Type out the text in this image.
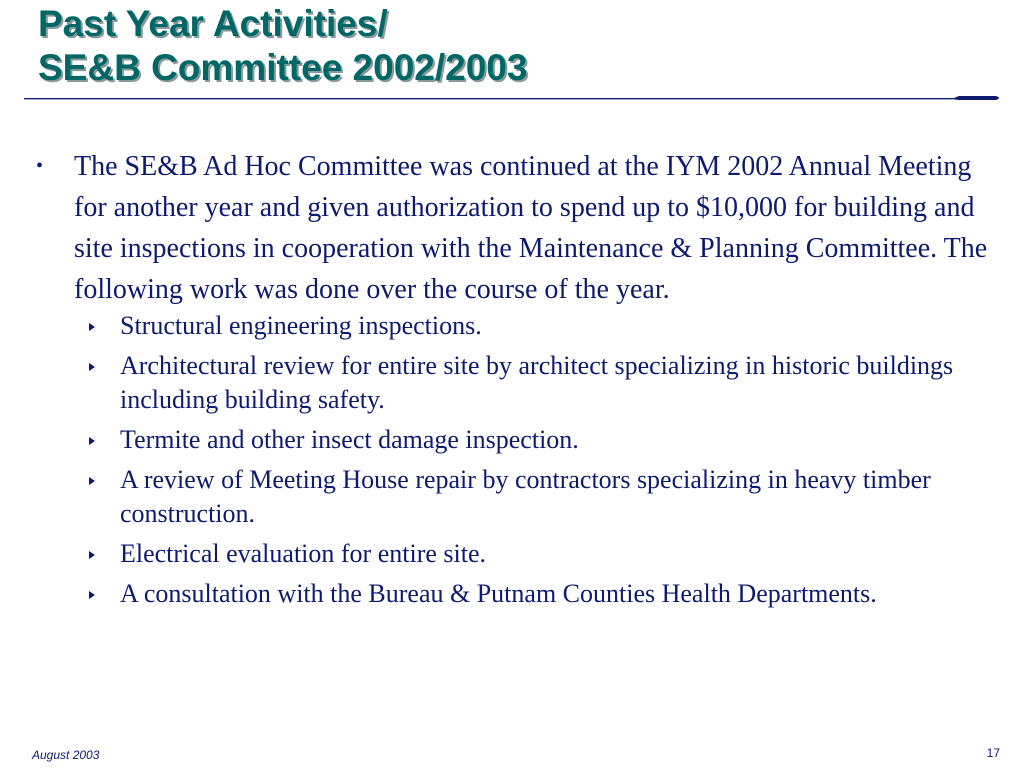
Past Year Activities/
SE&B Committee 2002/2003
• The SE&B Ad Hoc Committee was continued at the IYM 2002 Annual Meeting for another year and given authorization to spend up to $10,000 for building and site inspections in cooperation with the Maintenance & Planning Committee. The following work was done over the course of the year.
Structural engineering inspections.
Architectural review for entire site by architect specializing in historic buildings including building safety.
Termite and other insect damage inspection.
A review of Meeting House repair by contractors specializing in heavy timber construction.
Electrical evaluation for entire site.
A consultation with the Bureau & Putnam Counties Health Departments.
August 2003	17
